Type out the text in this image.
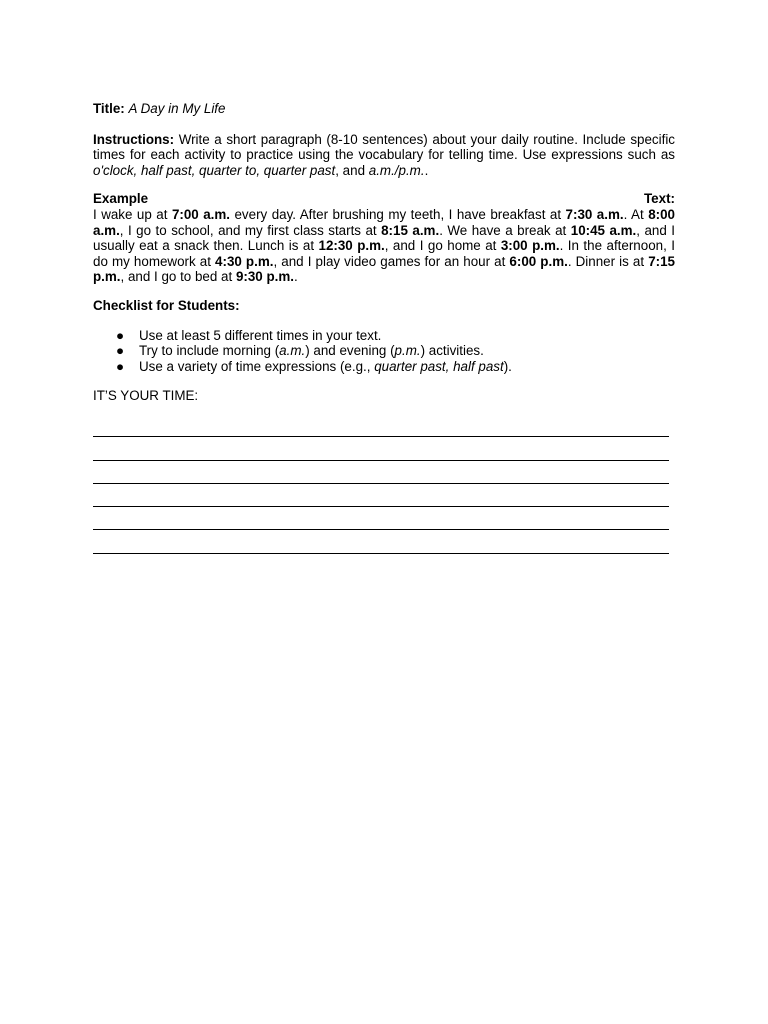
Title: A Day in My Life

Instructions: Write a short paragraph (8-10 sentences) about your daily routine. Include specific times for each activity to practice using the vocabulary for telling time. Use expressions such as o'clock, half past, quarter to, quarter past, and a.m./p.m..

Example	Text:

I wake up at 7:00 a.m. every day. After brushing my teeth, I have breakfast at 7:30 a.m.. At 8:00 a.m., I go to school, and my first class starts at 8:15 a.m.. We have a break at 10:45 a.m., and I usually eat a snack then. Lunch is at 12:30 p.m., and I go home at 3:00 p.m.. In the afternoon, I do my homework at 4:30 p.m., and I play video games for an hour at 6:00 p.m.. Dinner is at 7:15 p.m., and I go to bed at 9:30 p.m..

Checklist for Students:

● Use at least 5 different times in your text.
● Try to include morning (a.m.) and evening (p.m.) activities.
● Use a variety of time expressions (e.g., quarter past, half past).

IT’S YOUR TIME:
